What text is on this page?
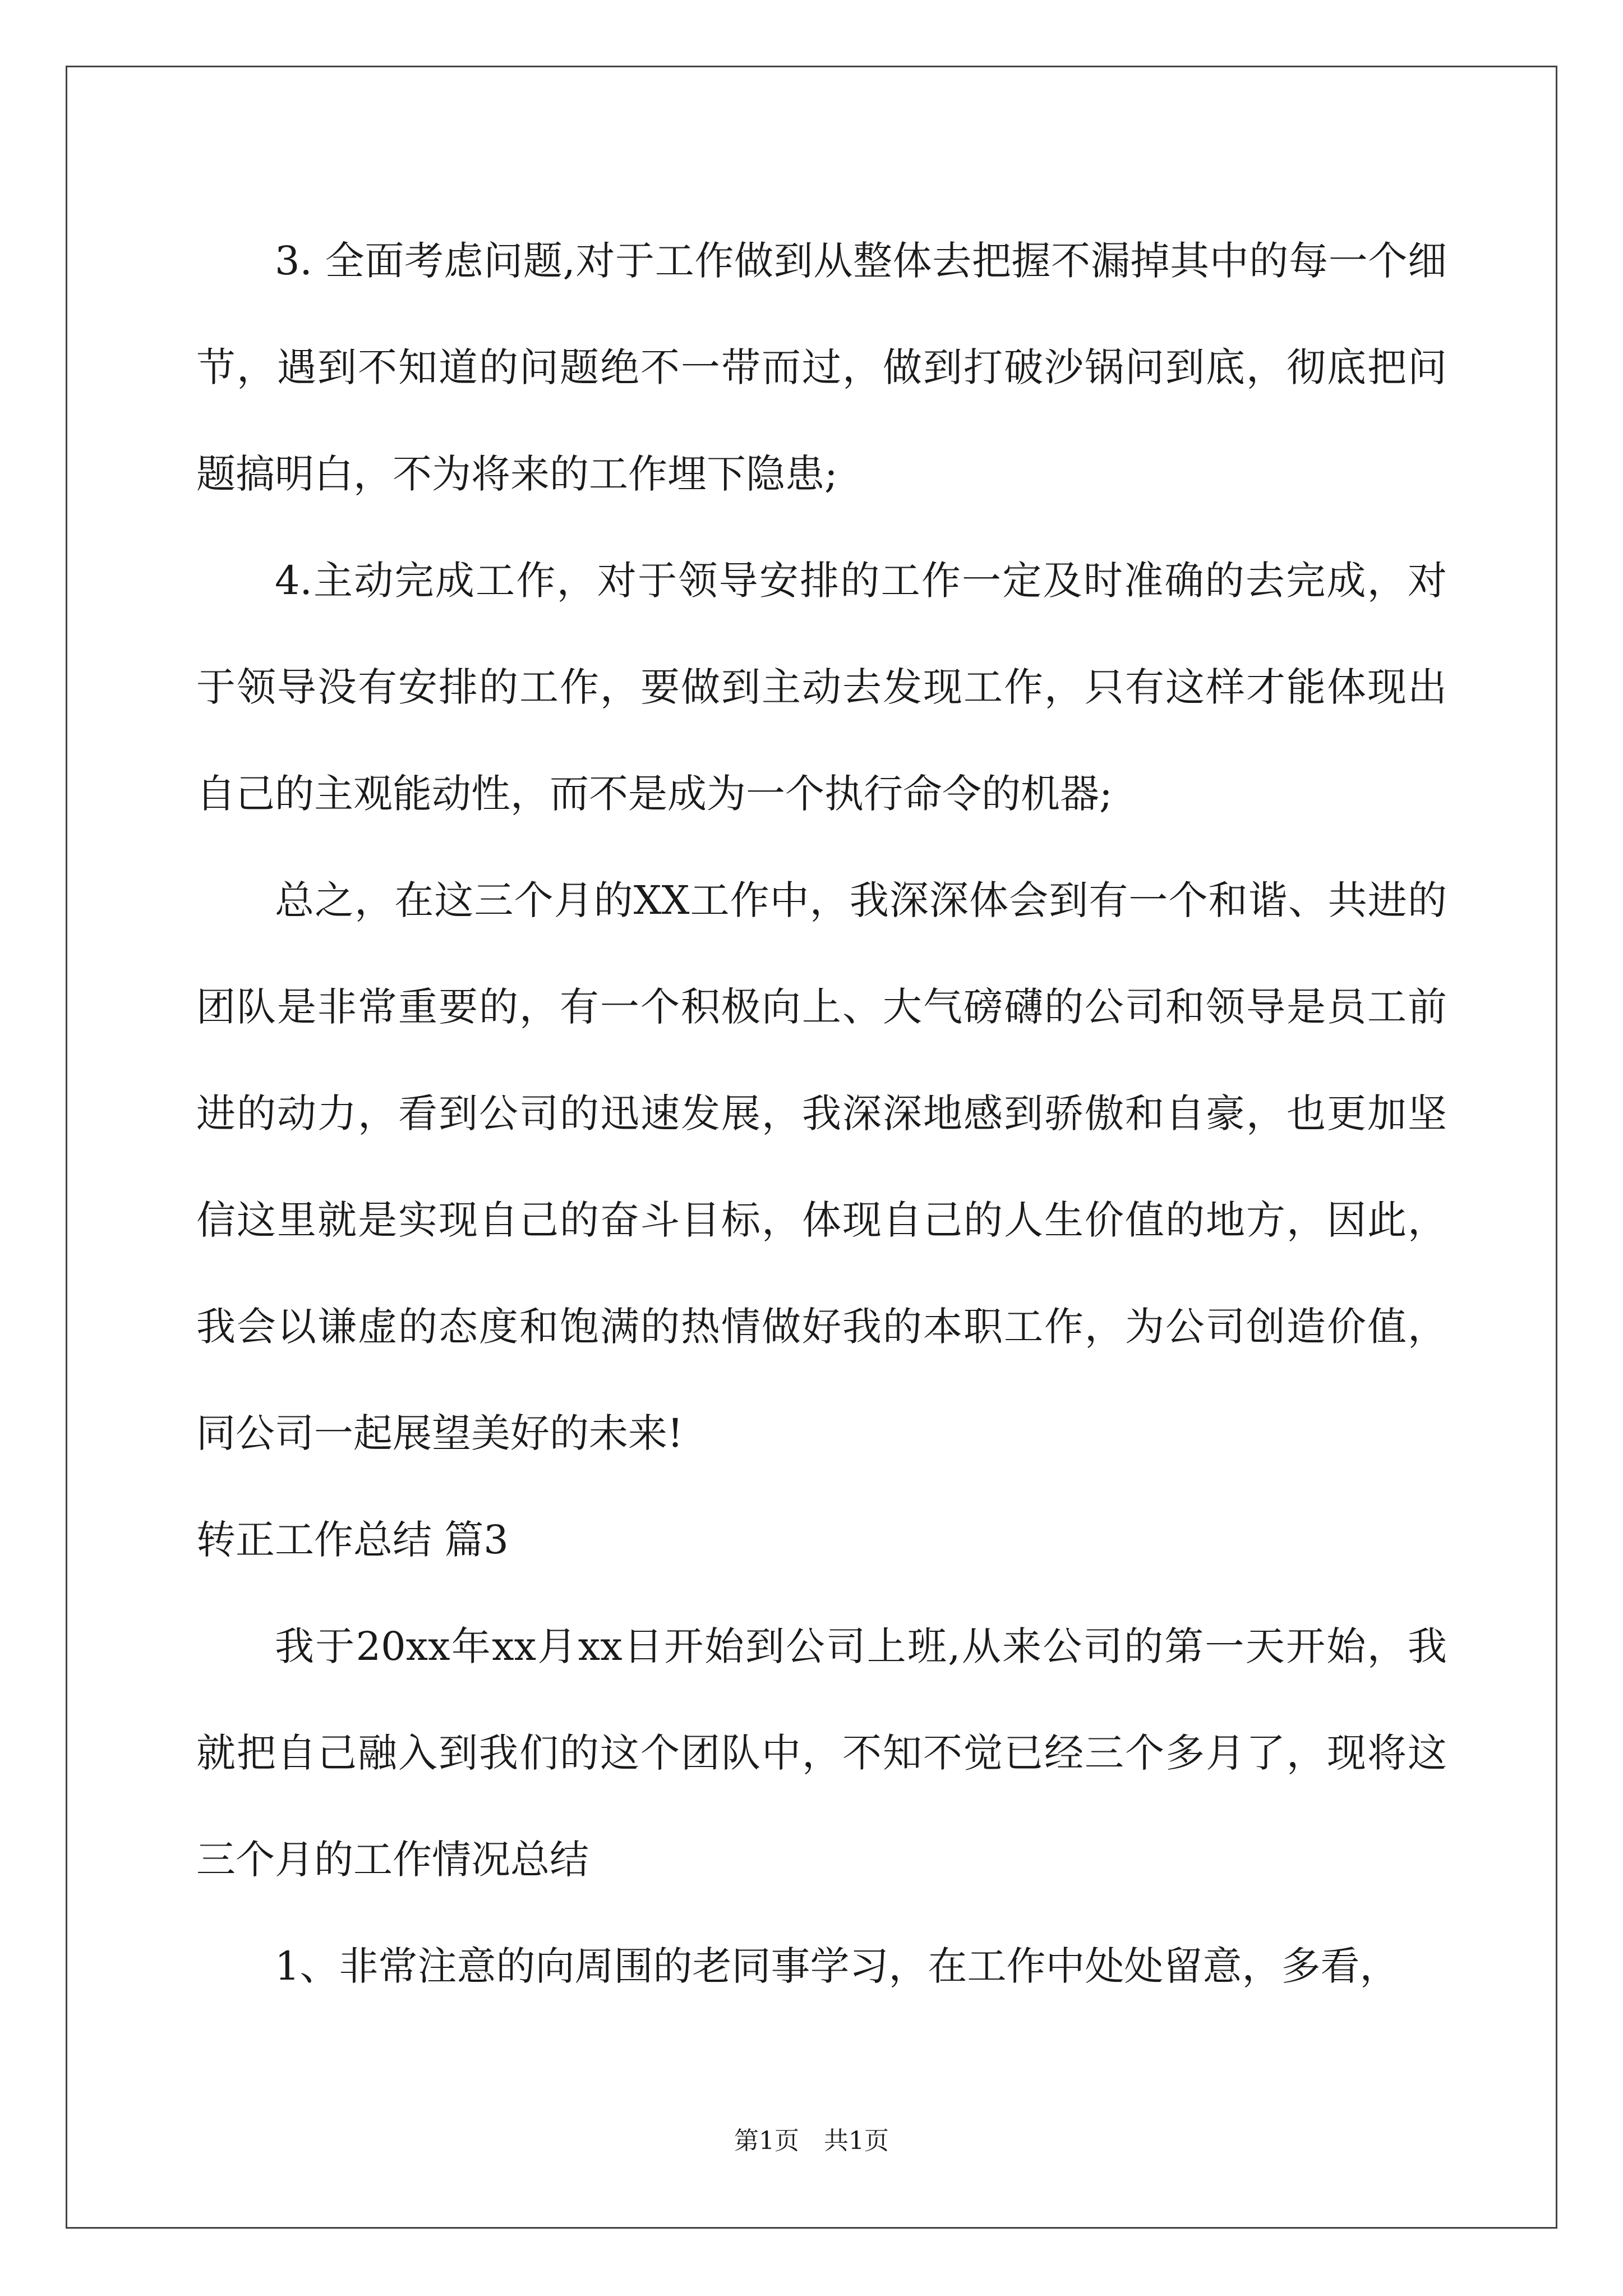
3. 全面考虑问题,对于工作做到从整体去把握不漏掉其中的每一个细节，遇到不知道的问题绝不一带而过，做到打破沙锅问到底，彻底把问题搞明白，不为将来的工作埋下隐患;

4.主动完成工作，对于领导安排的工作一定及时准确的去完成，对于领导没有安排的工作，要做到主动去发现工作，只有这样才能体现出自己的主观能动性，而不是成为一个执行命令的机器;

总之，在这三个月的XX工作中，我深深体会到有一个和谐、共进的团队是非常重要的，有一个积极向上、大气磅礴的公司和领导是员工前进的动力，看到公司的迅速发展，我深深地感到骄傲和自豪，也更加坚信这里就是实现自己的奋斗目标，体现自己的人生价值的地方，因此，我会以谦虚的态度和饱满的热情做好我的本职工作，为公司创造价值，同公司一起展望美好的未来!

转正工作总结 篇3

我于20xx年xx月xx日开始到公司上班,从来公司的第一天开始，我就把自己融入到我们的这个团队中，不知不觉已经三个多月了，现将这三个月的工作情况总结

1、非常注意的向周围的老同事学习，在工作中处处留意，多看，

第1页　共1页
